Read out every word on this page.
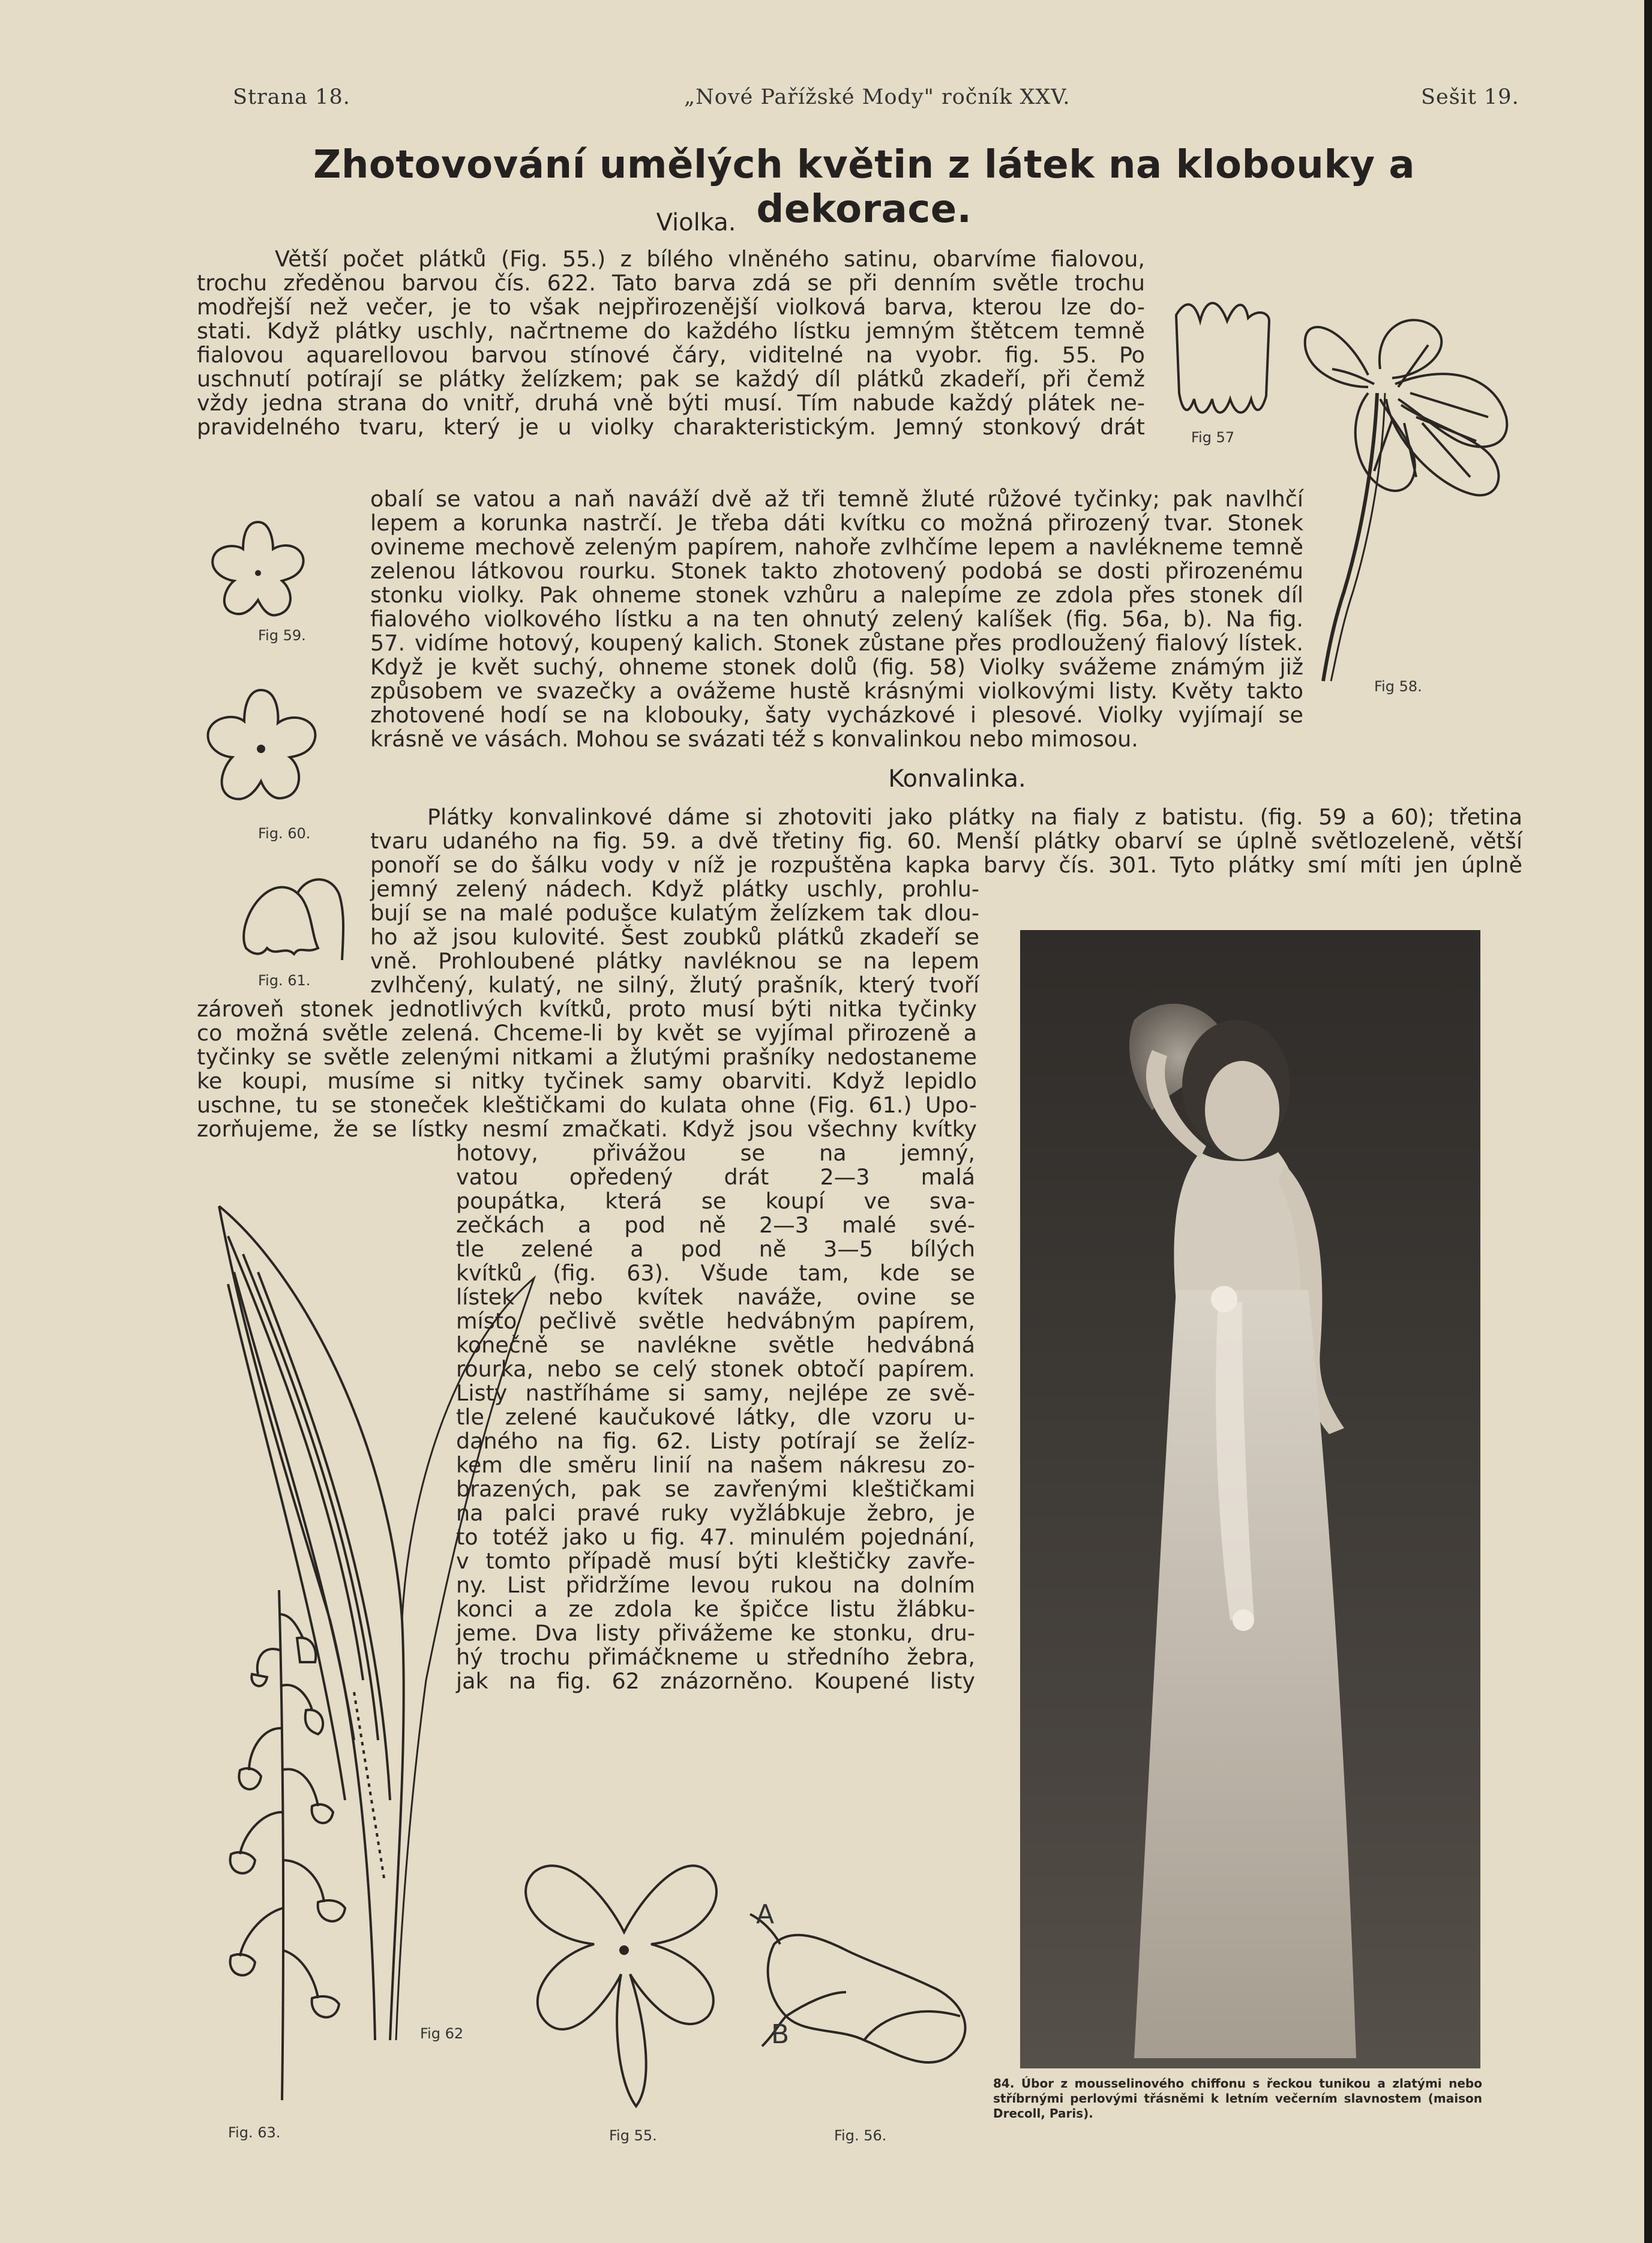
Strana 18.	„Nové Pařížské Mody" ročník XXV.	Sešit 19.
Zhotovování umělých květin z látek na klobouky a dekorace.
Violka.

Větší počet plátků (Fig. 55.) z bílého vlněného satinu, obarvíme fialovou,

trochu zředěnou barvou čís. 622. Tato barva zdá se při denním světle trochu

modřejší než večer, je to však nejpřirozenější violková barva, kterou lze do-

stati. Když plátky uschly, načrtneme do každého lístku jemným štětcem temně

fialovou aquarellovou barvou stínové čáry, viditelné na vyobr. fig. 55. Po

uschnutí potírají se plátky želízkem; pak se každý díl plátků zkadeří, při čemž

vždy jedna strana do vnitř, druhá vně býti musí. Tím nabude každý plátek ne-

pravidelného tvaru, který je u violky charakteristickým. Jemný stonkový drát

obalí se vatou a naň naváží dvě až tři temně žluté růžové tyčinky; pak navlhčí

lepem a korunka nastrčí. Je třeba dáti kvítku co možná přirozený tvar. Stonek

ovineme mechově zeleným papírem, nahoře zvlhčíme lepem a navlékneme temně

zelenou látkovou rourku. Stonek takto zhotovený podobá se dosti přirozenému

stonku violky. Pak ohneme stonek vzhůru a nalepíme ze zdola přes stonek díl

fialového violkového lístku a na ten ohnutý zelený kalíšek (fig. 56a, b). Na fig.

57. vidíme hotový, koupený kalich. Stonek zůstane přes prodloužený fialový lístek.

Když je květ suchý, ohneme stonek dolů (fig. 58) Violky svážeme známým již

způsobem ve svazečky a ovážeme hustě krásnými violkovými listy. Květy takto

zhotovené hodí se na klobouky, šaty vycházkové i plesové. Violky vyjímají se

krásně ve vásách. Mohou se svázati též s konvalinkou nebo mimosou.

Konvalinka.

Plátky konvalinkové dáme si zhotoviti jako plátky na fialy z batistu. (fig. 59 a 60); třetina

tvaru udaného na fig. 59. a dvě třetiny fig. 60. Menší plátky obarví se úplně světlozeleně, větší

ponoří se do šálku vody v níž je rozpuštěna kapka barvy čís. 301. Tyto plátky smí míti jen úplně

jemný zelený nádech. Když plátky uschly, prohlu-

bují se na malé podušce kulatým želízkem tak dlou-

ho až jsou kulovité. Šest zoubků plátků zkadeří se

vně. Prohloubené plátky navléknou se na lepem

zvlhčený, kulatý, ne silný, žlutý prašník, který tvoří

zároveň stonek jednotlivých kvítků, proto musí býti nitka tyčinky

co možná světle zelená. Chceme-li by květ se vyjímal přirozeně a

tyčinky se světle zelenými nitkami a žlutými prašníky nedostaneme

ke koupi, musíme si nitky tyčinek samy obarviti. Když lepidlo

uschne, tu se stoneček kleštičkami do kulata ohne (Fig. 61.) Upo-

zorňujeme, že se lístky nesmí zmačkati. Když jsou všechny kvítky

hotovy, přivážou se na jemný,

vatou opředený drát 2—3 malá

poupátka, která se koupí ve sva-

zečkách a pod ně 2—3 malé své-

tle zelené a pod ně 3—5 bílých

kvítků (fig. 63). Všude tam, kde se

lístek nebo kvítek naváže, ovine se

místo pečlivě světle hedvábným papírem,

konečně se navlékne světle hedvábná

rourka, nebo se celý stonek obtočí papírem.

Listy nastříháme si samy, nejlépe ze svě-

tle zelené kaučukové látky, dle vzoru u-

daného na fig. 62. Listy potírají se želíz-

kem dle směru linií na našem nákresu zo-

brazených, pak se zavřenými kleštičkami

na palci pravé ruky vyžlábkuje žebro, je

to totéž jako u fig. 47. minulém pojednání,

v tomto případě musí býti kleštičky zavře-

ny. List přidržíme levou rukou na dolním

konci a ze zdola ke špičce listu žlábku-

jeme. Dva listy přivážeme ke stonku, dru-

hý trochu přimáčkneme u středního žebra,

jak na fig. 62 znázorněno. Koupené listy

Fig 57
Fig 58.
Fig 59.
Fig. 60.
Fig. 61.
Fig 62
Fig. 63.	Fig 55.
A
B
Fig. 56.
84. Úbor z mousselinového chiffonu s řeckou tunikou a zlatými nebo stříbrnými perlovými třásněmi k letním večerním slavnostem (maison Drecoll, Paris).
